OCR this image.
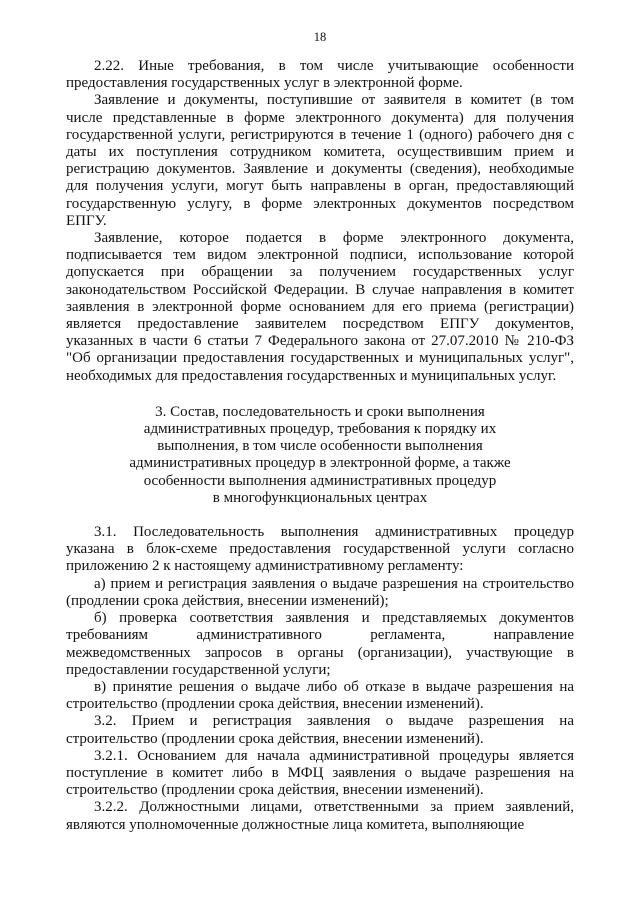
18
2.22. Иные требования, в том числе учитывающие особенности
предоставления государственных услуг в электронной форме.
Заявление и документы, поступившие от заявителя в комитет (в том
числе представленные в форме электронного документа) для получения
государственной услуги, регистрируются в течение 1 (одного) рабочего дня с
даты их поступления сотрудником комитета, осуществившим прием и
регистрацию документов. Заявление и документы (сведения), необходимые
для получения услуги, могут быть направлены в орган, предоставляющий
государственную услугу, в форме электронных документов посредством
ЕПГУ.
Заявление, которое подается в форме электронного документа,
подписывается тем видом электронной подписи, использование которой
допускается при обращении за получением государственных услуг
законодательством Российской Федерации. В случае направления в комитет
заявления в электронной форме основанием для его приема (регистрации)
является предоставление заявителем посредством ЕПГУ документов,
указанных в части 6 статьи 7 Федерального закона от 27.07.2010 № 210-ФЗ
"Об организации предоставления государственных и муниципальных услуг",
необходимых для предоставления государственных и муниципальных услуг.
3. Состав, последовательность и сроки выполнения
административных процедур, требования к порядку их
выполнения, в том числе особенности выполнения
административных процедур в электронной форме, а также
особенности выполнения административных процедур
в многофункциональных центрах
3.1. Последовательность выполнения административных процедур
указана в блок-схеме предоставления государственной услуги согласно
приложению 2 к настоящему административному регламенту:
а) прием и регистрация заявления о выдаче разрешения на строительство
(продлении срока действия, внесении изменений);
б) проверка соответствия заявления и представляемых документов
требованиям административного регламента, направление
межведомственных запросов в органы (организации), участвующие в
предоставлении государственной услуги;
в) принятие решения о выдаче либо об отказе в выдаче разрешения на
строительство (продлении срока действия, внесении изменений).
3.2. Прием и регистрация заявления о выдаче разрешения на
строительство (продлении срока действия, внесении изменений).
3.2.1. Основанием для начала административной процедуры является
поступление в комитет либо в МФЦ заявления о выдаче разрешения на
строительство (продлении срока действия, внесении изменений).
3.2.2. Должностными лицами, ответственными за прием заявлений,
являются уполномоченные должностные лица комитета, выполняющие
